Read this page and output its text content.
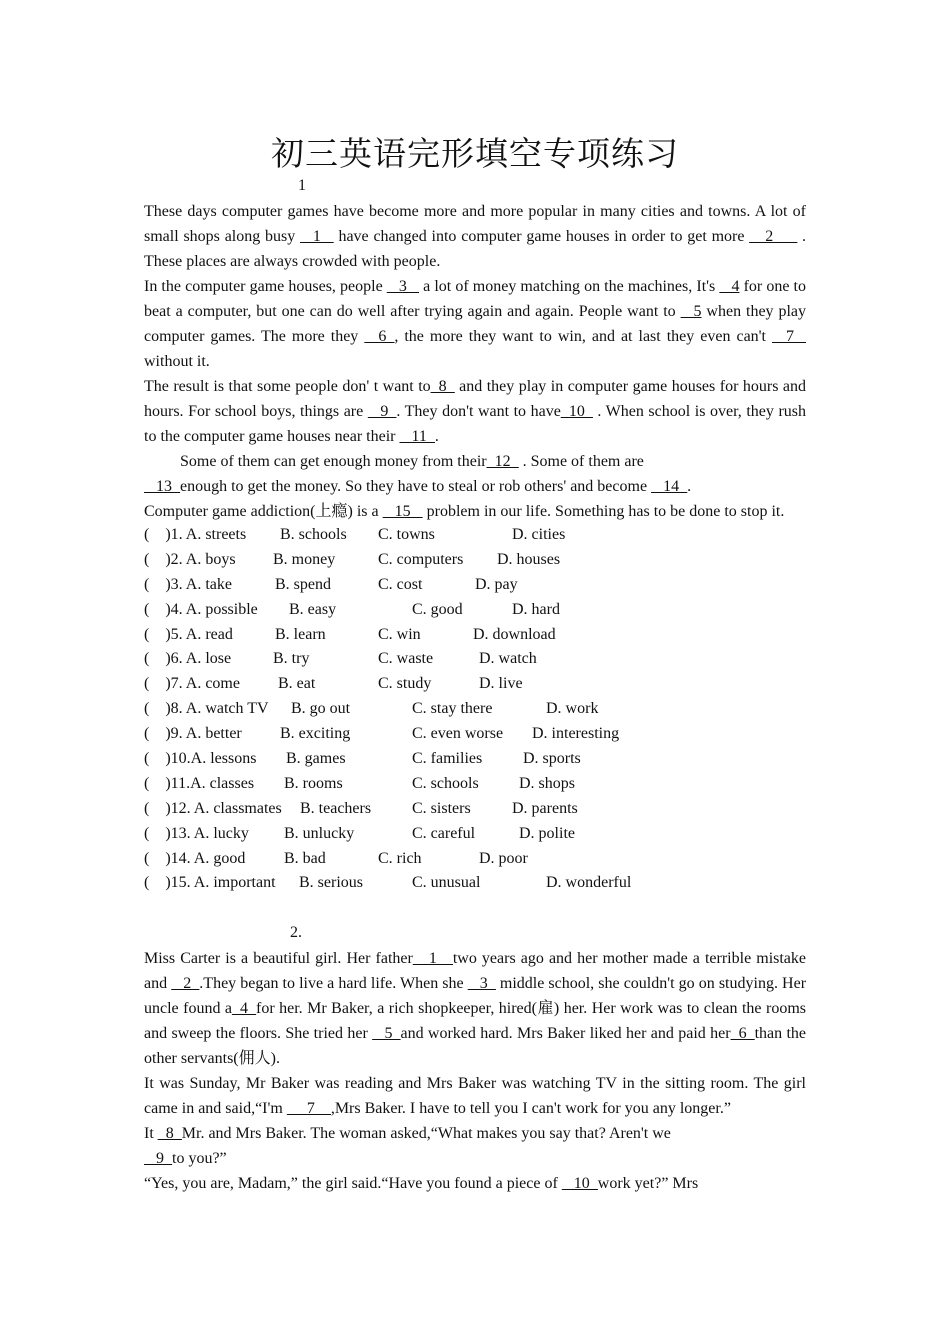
初三英语完形填空专项练习
1

These days computer games have become more and more popular in many cities and towns. A lot of small shops along busy  _1_  have changed into computer game houses in order to get more __2___ . These places are always crowded with people.

In the computer game houses, people  _3_  a lot of money matching on the machines, It's  _4 for one to beat a computer, but one can do well after trying again and again. People want to  _5 when they play computer games. The more they  _6_, the more they want to win, and at last they even can't  _7_  without it.

The result is that some people don' t want to_8_ and they play in computer game houses for hours and hours. For school boys, things are  _9_. They don't want to have_10_ . When school is over, they rush to the computer game houses near their  _11_.

Some of them can get enough money from their_12_ . Some of them are

_13_enough to get the money. So they have to steal or rob others' and become  _14_.

Computer game addiction(上瘾) is a  _15_  problem in our life. Something has to be done to stop it.

(    )1. A. streets B. schools C. towns	D. cities
(    )2. A. boys B. money	C. computers D. houses
(    )3. A. take	B. spend	C. cost	D. pay
(    )4. A. possible B. easy	C. good	D. hard
(    )5. A. read	B. learn	C. win	D. download
(    )6. A. lose	B. try	C. waste	D. watch
(    )7. A. come B. eat	C. study	D. live
(    )8. A. watch TV B. go out	C. stay there	D. work
(    )9. A. better B. exciting	C. even worse D. interesting
(    )10.A. lessons B. games	C. families	D. sports
(    )11.A. classes B. rooms	C. schools	D. shops
(    )12. A. classmates B. teachers	C. sisters	D. parents
(    )13. A. lucky B. unlucky	C. careful	D. polite
(    )14. A. good B. bad	C. rich	D. poor
(    )15. A. important B. serious	C. unusual	D. wonderful
2.

Miss Carter is a beautiful girl. Her father__1__two years ago and her mother made a terrible mistake and  _2_.They began to live a hard life. When she  _3_ middle school, she couldn't go on studying. Her uncle found a_4_for her. Mr Baker, a rich shopkeeper, hired(雇) her. Her work was to clean the rooms and sweep the floors. She tried her  _5_and worked hard. Mrs Baker liked her and paid her_6_than the other servants(佣人).

It was Sunday, Mr Baker was reading and Mrs Baker was watching TV in the sitting room. The girl came in and said,“I'm  __7__,Mrs Baker. I have to tell you I can't work for you any longer.”

It _8_Mr. and Mrs Baker. The woman asked,“What makes you say that? Aren't we

_9_to you?”

“Yes, you are, Madam,” the girl said.“Have you found a piece of  _10_work yet?” Mrs
